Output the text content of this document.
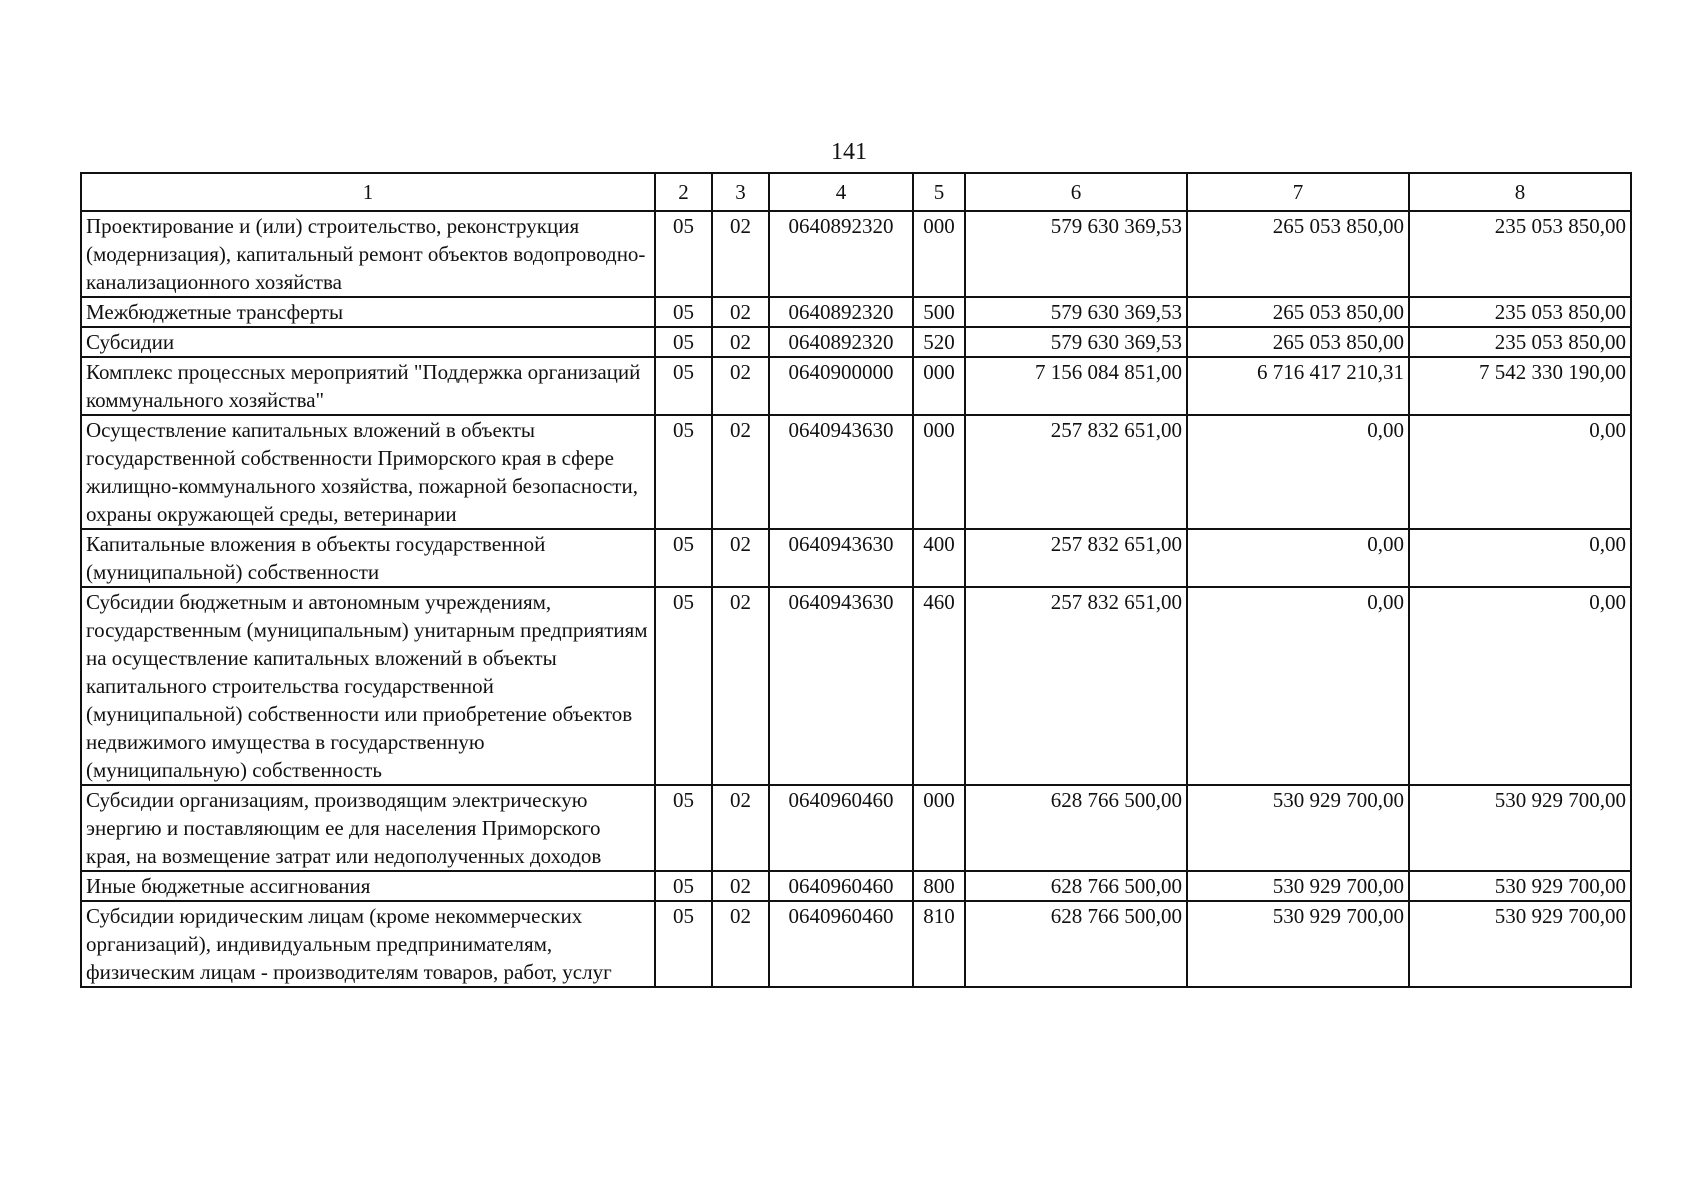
141
1	2	3	4	5	6	7	8
Проектирование и (или) строительство, реконструкция (модернизация), капитальный ремонт объектов водопроводно-канализационного хозяйства	05	02	0640892320	000	579 630 369,53	265 053 850,00	235 053 850,00
Межбюджетные трансферты	05	02	0640892320	500	579 630 369,53	265 053 850,00	235 053 850,00
Субсидии	05	02	0640892320	520	579 630 369,53	265 053 850,00	235 053 850,00
Комплекс процессных мероприятий "Поддержка организаций коммунального хозяйства"	05	02	0640900000	000	7 156 084 851,00	6 716 417 210,31	7 542 330 190,00
Осуществление капитальных вложений в объекты государственной собственности Приморского края в сфере жилищно-коммунального хозяйства, пожарной безопасности, охраны окружающей среды, ветеринарии	05	02	0640943630	000	257 832 651,00	0,00	0,00
Капитальные вложения в объекты государственной (муниципальной) собственности	05	02	0640943630	400	257 832 651,00	0,00	0,00
Субсидии бюджетным и автономным учреждениям, государственным (муниципальным) унитарным предприятиям на осуществление капитальных вложений в объекты капитального строительства государственной (муниципальной) собственности или приобретение объектов недвижимого имущества в государственную (муниципальную) собственность	05	02	0640943630	460	257 832 651,00	0,00	0,00
Субсидии организациям, производящим электрическую энергию и поставляющим ее для населения Приморского края, на возмещение затрат или недополученных доходов	05	02	0640960460	000	628 766 500,00	530 929 700,00	530 929 700,00
Иные бюджетные ассигнования	05	02	0640960460	800	628 766 500,00	530 929 700,00	530 929 700,00
Субсидии юридическим лицам (кроме некоммерческих организаций), индивидуальным предпринимателям, физическим лицам - производителям товаров, работ, услуг	05	02	0640960460	810	628 766 500,00	530 929 700,00	530 929 700,00
